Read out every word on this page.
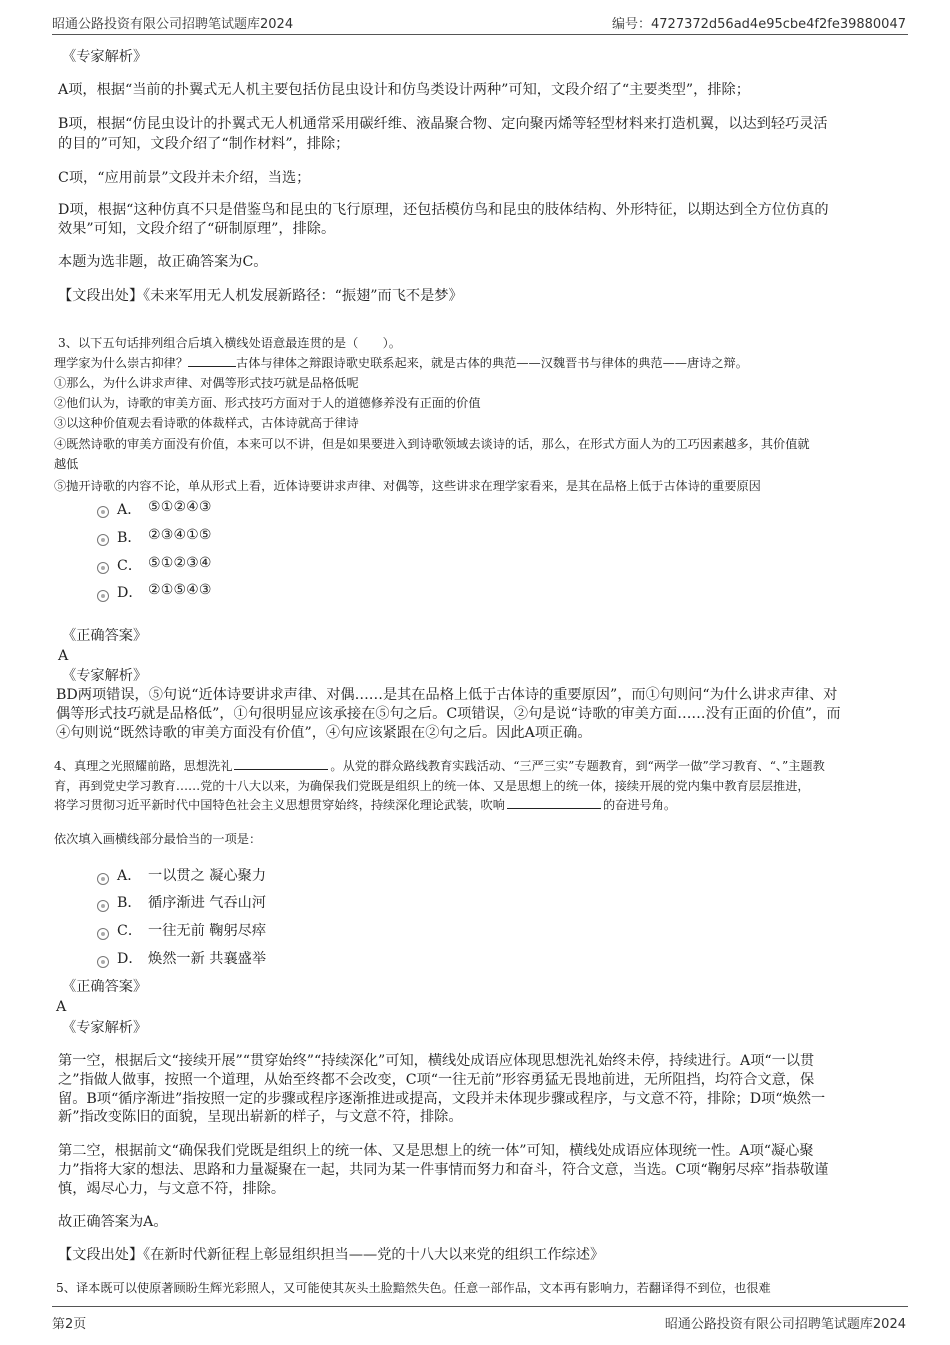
昭通公路投资有限公司招聘笔试题库2024	编号：4727372d56ad4e95cbe4f2fe39880047
《专家解析》
A项，根据“当前的扑翼式无人机主要包括仿昆虫设计和仿鸟类设计两种”可知，文段介绍了“主要类型”，排除；
B项，根据“仿昆虫设计的扑翼式无人机通常采用碳纤维、液晶聚合物、定向聚丙烯等轻型材料来打造机翼，以达到轻巧灵活
的目的”可知，文段介绍了“制作材料”，排除；
C项，“应用前景”文段并未介绍，当选；
D项，根据“这种仿真不只是借鉴鸟和昆虫的飞行原理，还包括模仿鸟和昆虫的肢体结构、外形特征，以期达到全方位仿真的
效果”可知，文段介绍了“研制原理”，排除。
本题为选非题，故正确答案为C。
【文段出处】《未来军用无人机发展新路径：“振翅”而飞不是梦》
3、以下五句话排列组合后填入横线处语意最连贯的是（　　）。
理学家为什么崇古抑律？	古体与律体之辩跟诗歌史联系起来，就是古体的典范——汉魏晋书与律体的典范——唐诗之辩。
①那么，为什么讲求声律、对偶等形式技巧就是品格低呢
②他们认为，诗歌的审美方面、形式技巧方面对于人的道德修养没有正面的价值
③以这种价值观去看诗歌的体裁样式，古体诗就高于律诗
④既然诗歌的审美方面没有价值，本来可以不讲，但是如果要进入到诗歌领域去谈诗的话，那么，在形式方面人为的工巧因素越多，其价值就
越低
⑤抛开诗歌的内容不论，单从形式上看，近体诗要讲求声律、对偶等，这些讲求在理学家看来，是其在品格上低于古体诗的重要原因
A． ⑤①②④③
B． ②③④①⑤
C． ⑤①②③④
D． ②①⑤④③
《正确答案》
A
《专家解析》
BD两项错误，⑤句说“近体诗要讲求声律、对偶……是其在品格上低于古体诗的重要原因”，而①句则问“为什么讲求声律、对
偶等形式技巧就是品格低”，①句很明显应该承接在⑤句之后。C项错误，②句是说“诗歌的审美方面……没有正面的价值”，而
④句则说“既然诗歌的审美方面没有价值”，④句应该紧跟在②句之后。因此A项正确。
4、真理之光照耀前路，思想洗礼	。从党的群众路线教育实践活动、“三严三实”专题教育，到“两学一做”学习教育、“、”主题教
育，再到党史学习教育……党的十八大以来，为确保我们党既是组织上的统一体、又是思想上的统一体，接续开展的党内集中教育层层推进，
将学习贯彻习近平新时代中国特色社会主义思想贯穿始终，持续深化理论武装，吹响	的奋进号角。
依次填入画横线部分最恰当的一项是：
A． 一以贯之 凝心聚力
B． 循序渐进 气吞山河
C． 一往无前 鞠躬尽瘁
D． 焕然一新 共襄盛举
《正确答案》
A
《专家解析》
第一空，根据后文“接续开展”“贯穿始终”“持续深化”可知，横线处成语应体现思想洗礼始终未停，持续进行。A项“一以贯
之”指做人做事，按照一个道理，从始至终都不会改变，C项“一往无前”形容勇猛无畏地前进，无所阻挡，均符合文意，保
留。B项“循序渐进”指按照一定的步骤或程序逐渐推进或提高，文段并未体现步骤或程序，与文意不符，排除；D项“焕然一
新”指改变陈旧的面貌，呈现出崭新的样子，与文意不符，排除。
第二空，根据前文“确保我们党既是组织上的统一体、又是思想上的统一体”可知，横线处成语应体现统一性。A项“凝心聚
力”指将大家的想法、思路和力量凝聚在一起，共同为某一件事情而努力和奋斗，符合文意，当选。C项“鞠躬尽瘁”指恭敬谨
慎，竭尽心力，与文意不符，排除。
故正确答案为A。
【文段出处】《在新时代新征程上彰显组织担当——党的十八大以来党的组织工作综述》
5、译本既可以使原著顾盼生辉光彩照人，又可能使其灰头土脸黯然失色。任意一部作品，文本再有影响力，若翻译得不到位，也很难
第2页	昭通公路投资有限公司招聘笔试题库2024
